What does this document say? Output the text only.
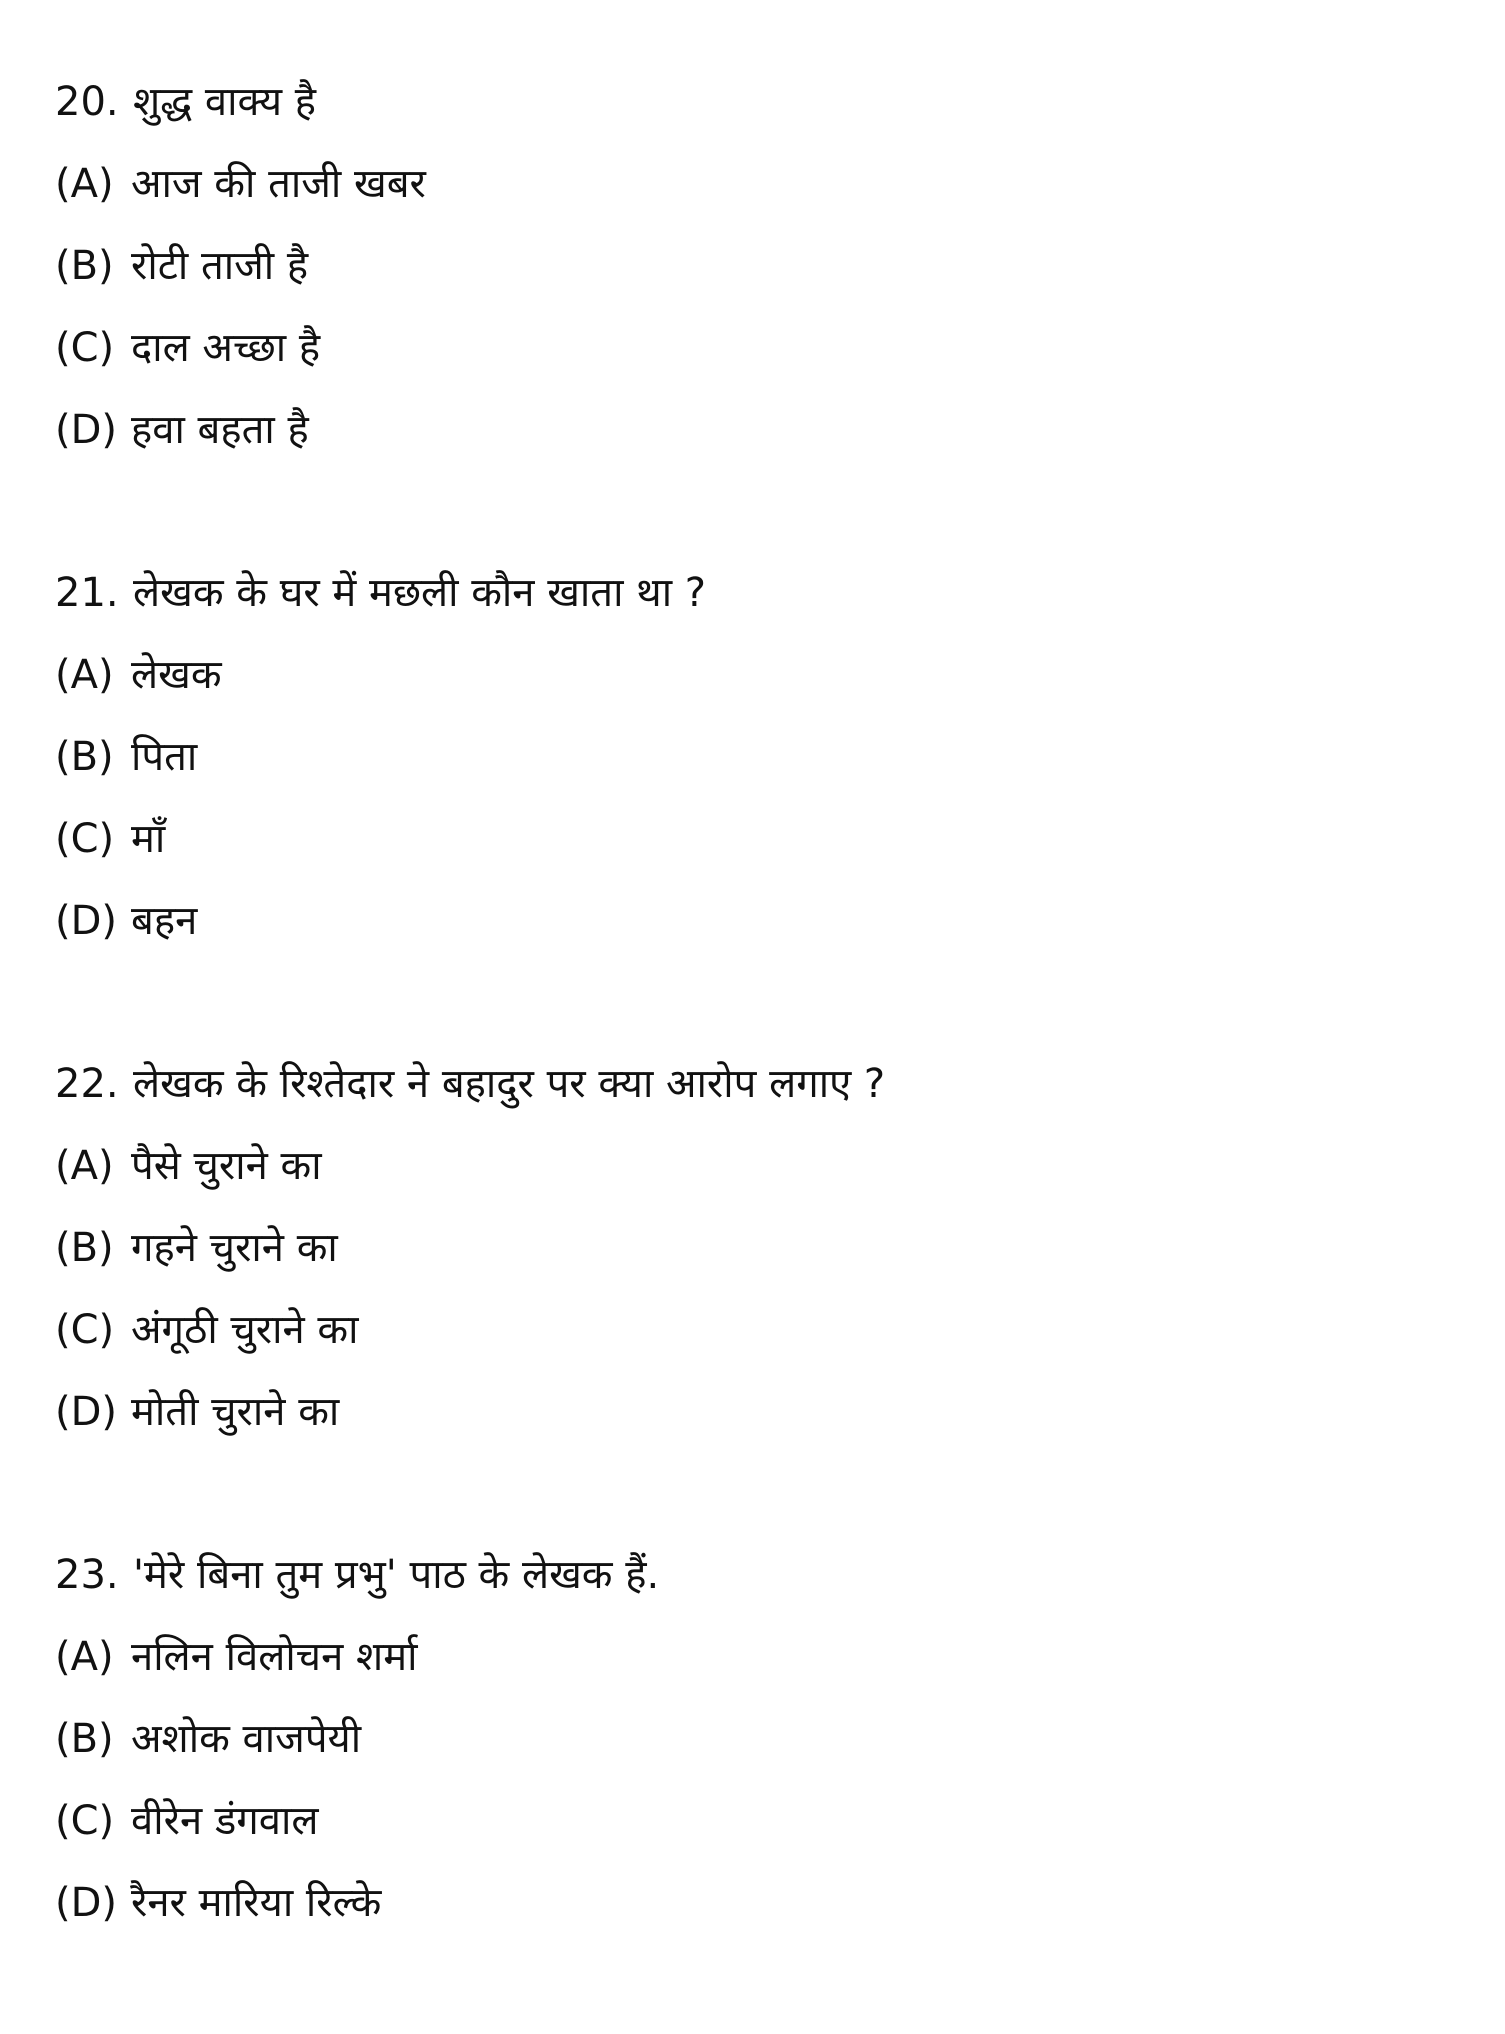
20. शुद्ध वाक्य है
(A) आज की ताजी खबर
(B) रोटी ताजी है
(C) दाल अच्छा है
(D) हवा बहता है
21. लेखक के घर में मछली कौन खाता था ?
(A) लेखक
(B) पिता
(C) माँ
(D) बहन
22. लेखक के रिश्तेदार ने बहादुर पर क्या आरोप लगाए ?
(A) पैसे चुराने का
(B) गहने चुराने का
(C) अंगूठी चुराने का
(D) मोती चुराने का
23. 'मेरे बिना तुम प्रभु' पाठ के लेखक हैं.
(A) नलिन विलोचन शर्मा
(B) अशोक वाजपेयी
(C) वीरेन डंगवाल
(D) रैनर मारिया रिल्के
